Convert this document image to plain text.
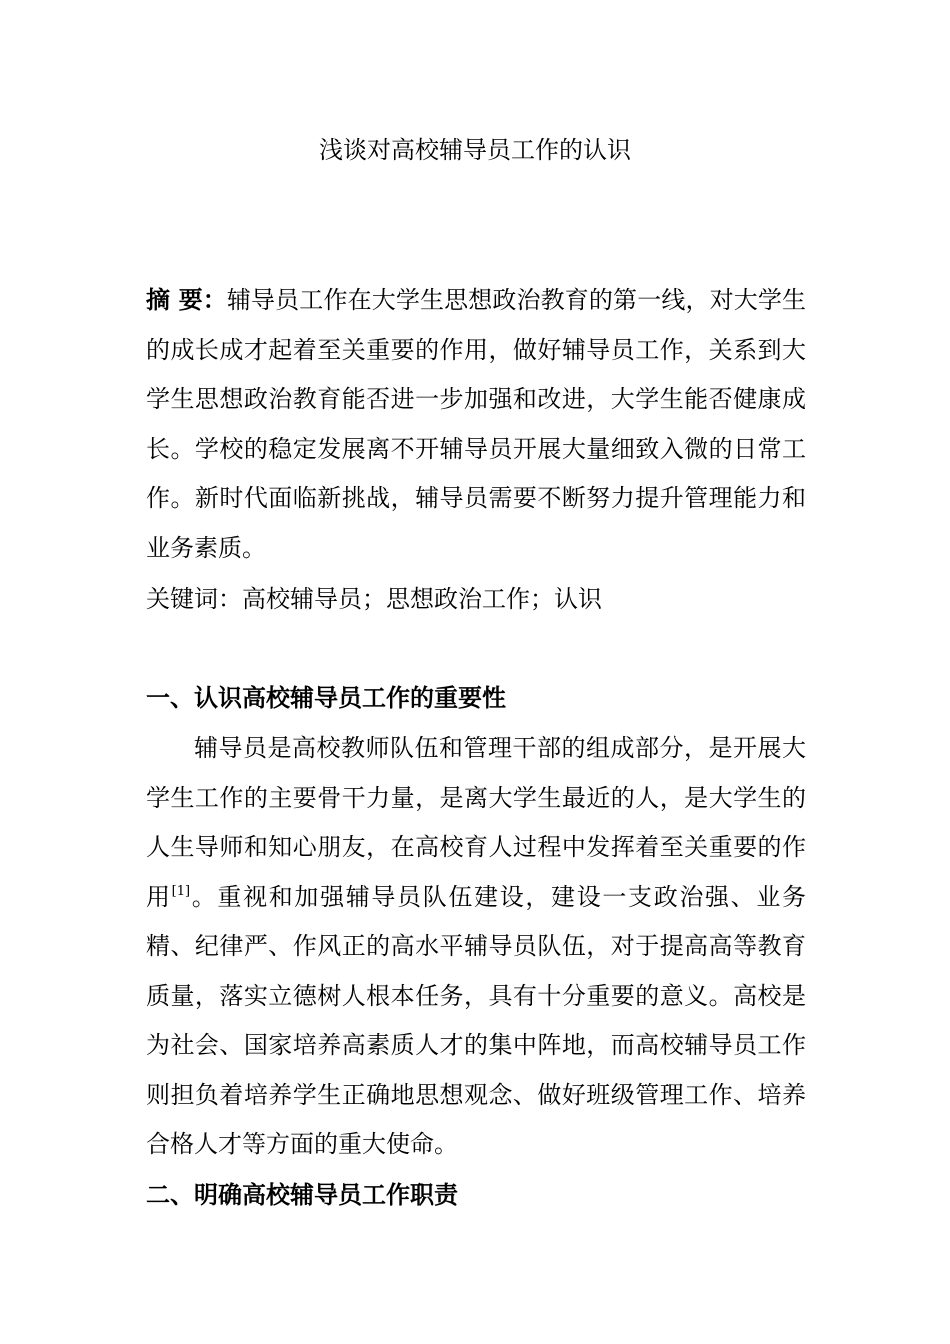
浅谈对高校辅导员工作的认识
摘 要：辅导员工作在大学生思想政治教育的第一线，对大学生的成长成才起着至关重要的作用，做好辅导员工作，关系到大学生思想政治教育能否进一步加强和改进，大学生能否健康成长。学校的稳定发展离不开辅导员开展大量细致入微的日常工作。新时代面临新挑战，辅导员需要不断努力提升管理能力和业务素质。
关键词：高校辅导员；思想政治工作；认识
一、认识高校辅导员工作的重要性
辅导员是高校教师队伍和管理干部的组成部分，是开展大学生工作的主要骨干力量，是离大学生最近的人，是大学生的人生导师和知心朋友，在高校育人过程中发挥着至关重要的作用[1]。重视和加强辅导员队伍建设，建设一支政治强、业务精、纪律严、作风正的高水平辅导员队伍，对于提高高等教育质量，落实立德树人根本任务，具有十分重要的意义。高校是为社会、国家培养高素质人才的集中阵地，而高校辅导员工作则担负着培养学生正确地思想观念、做好班级管理工作、培养合格人才等方面的重大使命。
二、明确高校辅导员工作职责
